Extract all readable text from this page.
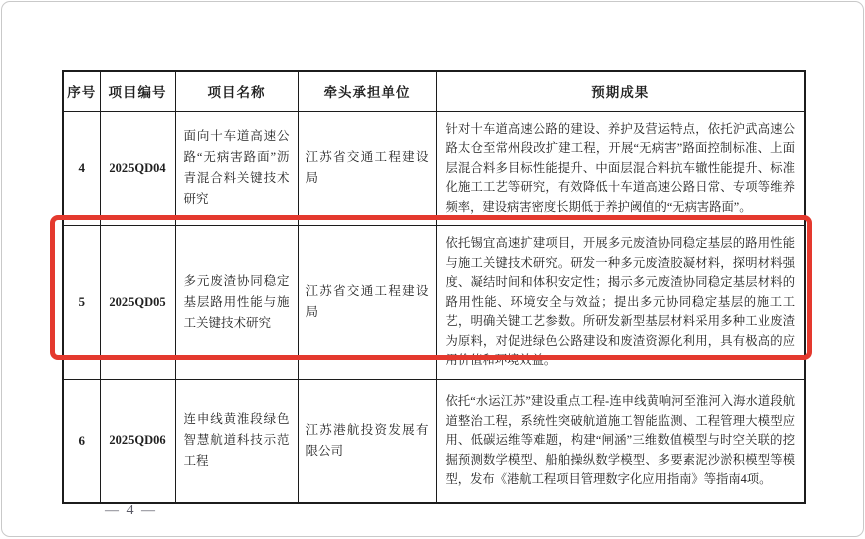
序号	项目编号	项目名称	牵头承担单位	预期成果
4	2025QD04	面向十车道高速公路“无病害路面”沥青混合料关键技术研究	江苏省交通工程建设局	针对十车道高速公路的建设、养护及营运特点，依托沪武高速公路太仓至常州段改扩建工程，开展“无病害”路面控制标准、上面层混合料多目标性能提升、中面层混合料抗车辙性能提升、标准化施工工艺等研究，有效降低十车道高速公路日常、专项等维养频率，建设病害密度长期低于养护阈值的“无病害路面”。
5	2025QD05	多元废渣协同稳定基层路用性能与施工关键技术研究	江苏省交通工程建设局	依托锡宜高速扩建项目，开展多元废渣协同稳定基层的路用性能与施工关键技术研究。研发一种多元废渣胶凝材料，探明材料强度、凝结时间和体积安定性；揭示多元废渣协同稳定基层材料的路用性能、环境安全与效益；提出多元协同稳定基层的施工工艺，明确关键工艺参数。所研发新型基层材料采用多种工业废渣为原料，对促进绿色公路建设和废渣资源化利用，具有极高的应用价值和环境效益。
6	2025QD06	连申线黄淮段绿色智慧航道科技示范工程	江苏港航投资发展有限公司	依托“水运江苏”建设重点工程-连申线黄响河至淮河入海水道段航道整治工程，系统性突破航道施工智能监测、工程管理大模型应用、低碳运维等难题，构建“闸涵”三维数值模型与时空关联的挖掘预测数学模型、船舶操纵数学模型、多要素泥沙淤积模型等模型，发布《港航工程项目管理数字化应用指南》等指南4项。
— 4 —
